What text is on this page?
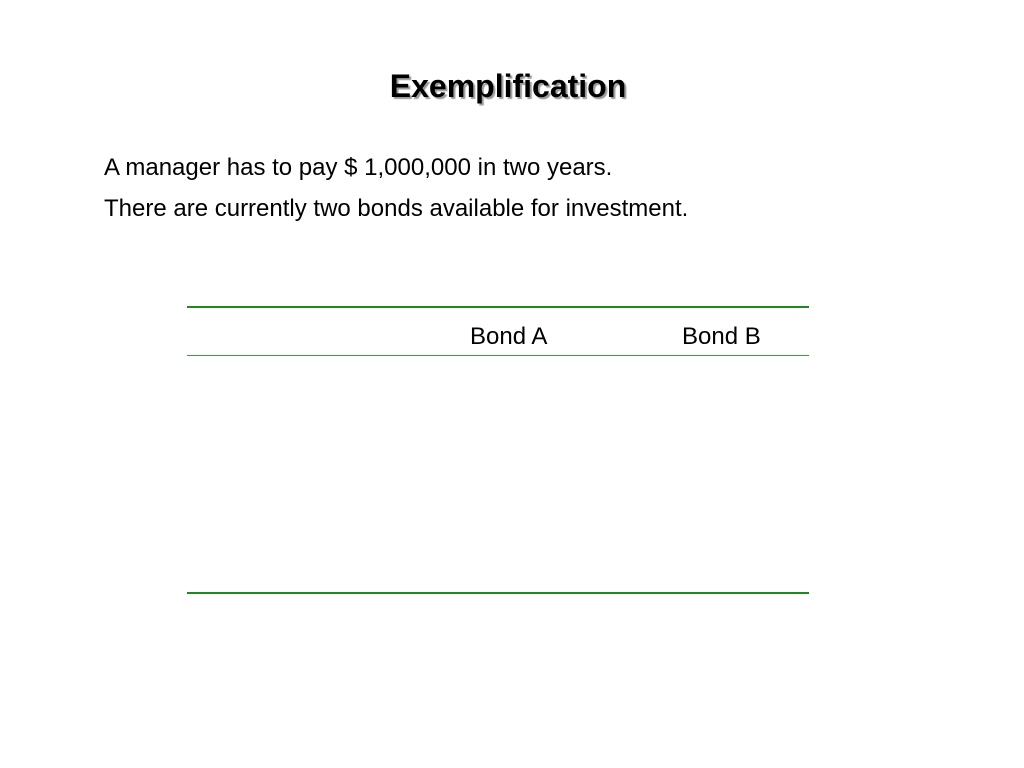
Exemplification
A manager has to pay $ 1,000,000 in two years.
There are currently two bonds available for investment.
Bond A	Bond B
